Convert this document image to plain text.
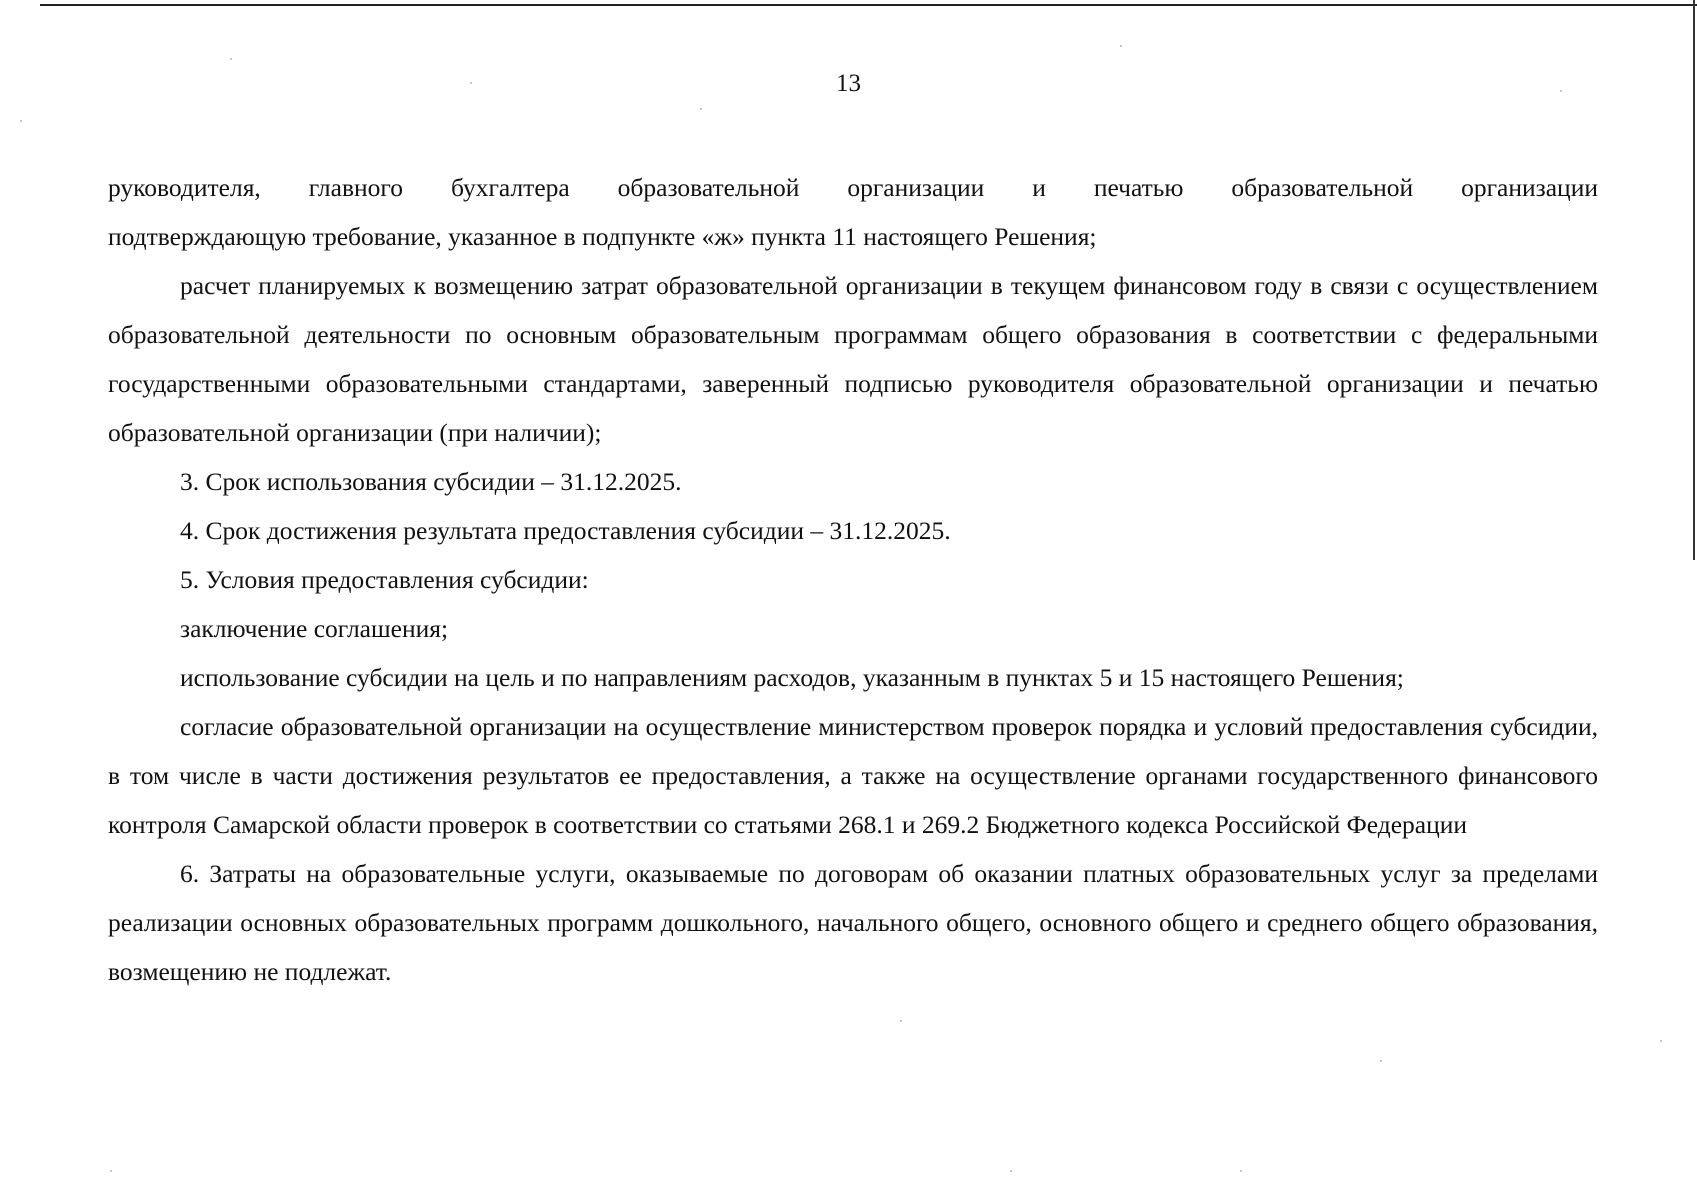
13

руководителя, главного бухгалтера образовательной организации и печатью образовательной организации

подтверждающую требование, указанное в подпункте «ж» пункта 11 настоящего Решения;

расчет планируемых к возмещению затрат образовательной организации в текущем финансовом году в связи с осуществлением образовательной деятельности по основным образовательным программам общего образования в соответствии с федеральными государственными образовательными стандартами, заверенный подписью руководителя образовательной организации и печатью образовательной организации (при наличии);

3. Срок использования субсидии – 31.12.2025.

4. Срок достижения результата предоставления субсидии – 31.12.2025.

5. Условия предоставления субсидии:

заключение соглашения;

использование субсидии на цель и по направлениям расходов, указанным в пунктах 5 и 15 настоящего Решения;

согласие образовательной организации на осуществление министерством проверок порядка и условий предоставления субсидии, в том числе в части достижения результатов ее предоставления, а также на осуществление органами государственного финансового контроля Самарской области проверок в соответствии со статьями 268.1 и 269.2 Бюджетного кодекса Российской Федерации

6. Затраты на образовательные услуги, оказываемые по договорам об оказании платных образовательных услуг за пределами реализации основных образовательных программ дошкольного, начального общего, основного общего и среднего общего образования, возмещению не подлежат.
